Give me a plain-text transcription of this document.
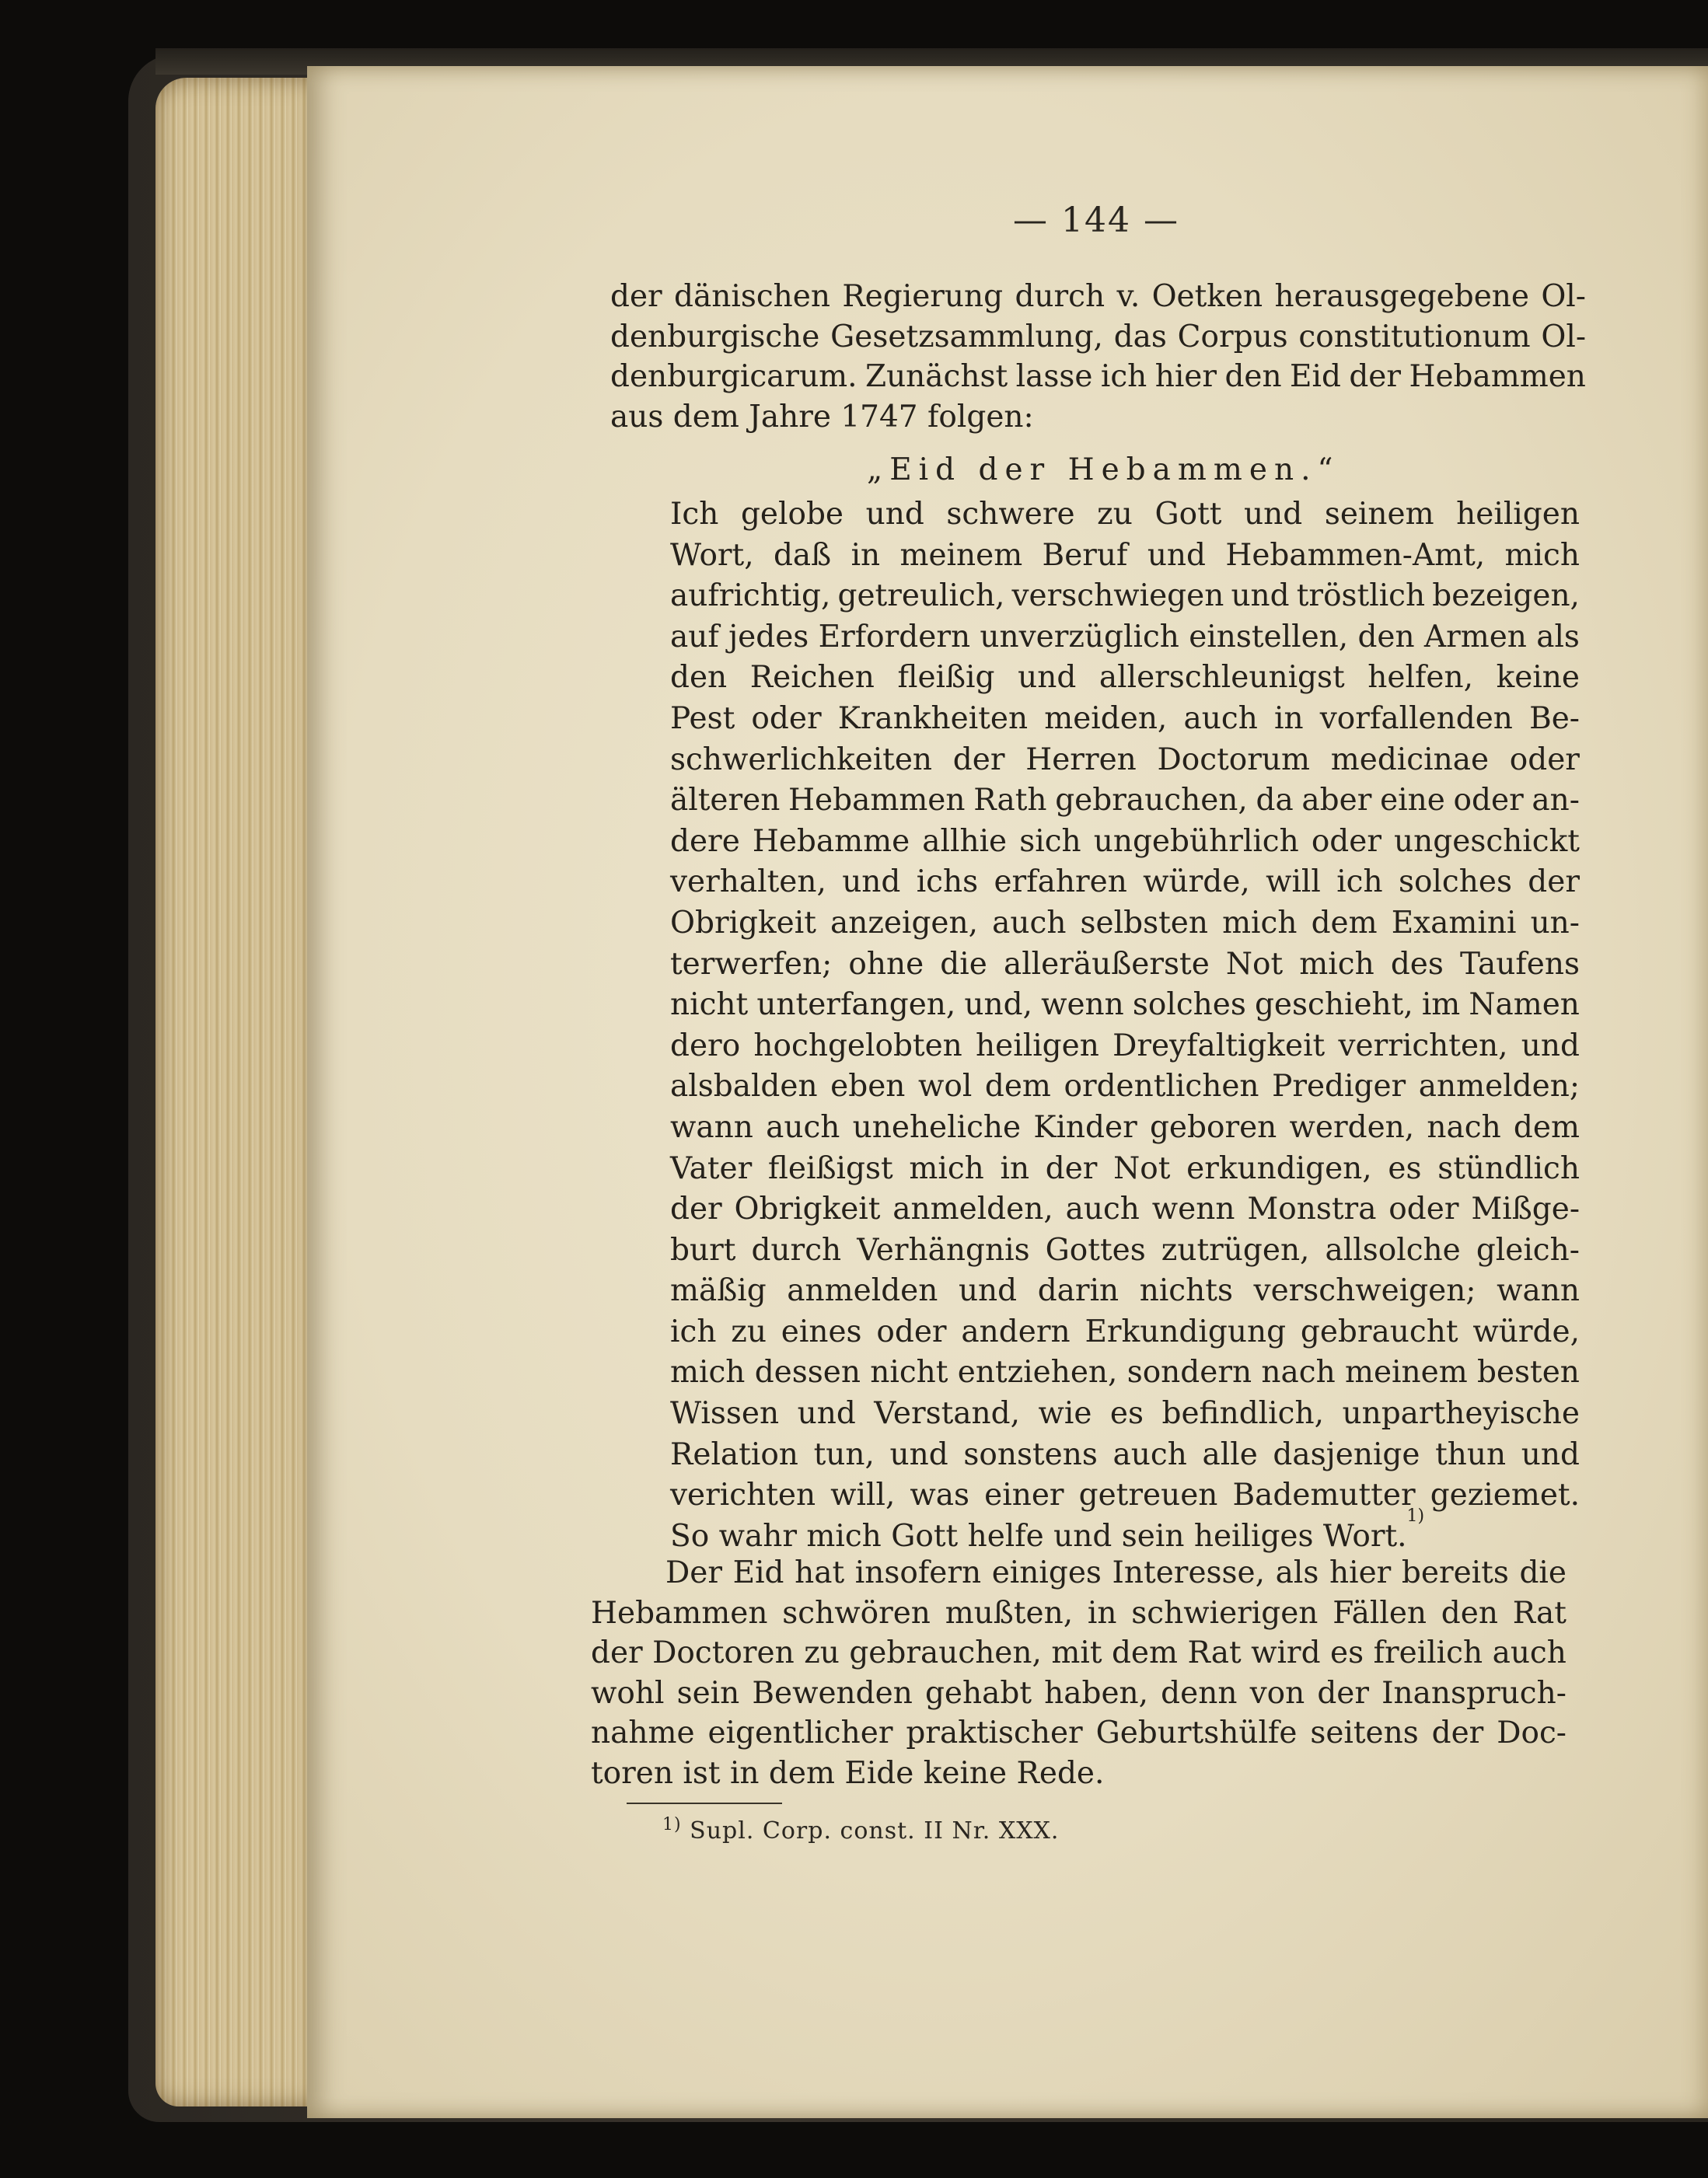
— 144 —
der dänischen Regierung durch v. Oetken herausgegebene Ol-
denburgische Gesetzsammlung, das Corpus constitutionum Ol-
denburgicarum. Zunächst lasse ich hier den Eid der Hebammen
aus dem Jahre 1747 folgen:
„Eid der Hebammen.“
Ich gelobe und schwere zu Gott und seinem heiligen
Wort, daß in meinem Beruf und Hebammen-Amt, mich
aufrichtig, getreulich, verschwiegen und tröstlich bezeigen,
auf jedes Erfordern unverzüglich einstellen, den Armen als
den Reichen fleißig und allerschleunigst helfen, keine
Pest oder Krankheiten meiden, auch in vorfallenden Be-
schwerlichkeiten der Herren Doctorum medicinae oder
älteren Hebammen Rath gebrauchen, da aber eine oder an-
dere Hebamme allhie sich ungebührlich oder ungeschickt
verhalten, und ichs erfahren würde, will ich solches der
Obrigkeit anzeigen, auch selbsten mich dem Examini un-
terwerfen; ohne die alleräußerste Not mich des Taufens
nicht unterfangen, und, wenn solches geschieht, im Namen
dero hochgelobten heiligen Dreyfaltigkeit verrichten, und
alsbalden eben wol dem ordentlichen Prediger anmelden;
wann auch uneheliche Kinder geboren werden, nach dem
Vater fleißigst mich in der Not erkundigen, es stündlich
der Obrigkeit anmelden, auch wenn Monstra oder Mißge-
burt durch Verhängnis Gottes zutrügen, allsolche gleich-
mäßig anmelden und darin nichts verschweigen; wann
ich zu eines oder andern Erkundigung gebraucht würde,
mich dessen nicht entziehen, sondern nach meinem besten
Wissen und Verstand, wie es befindlich, unpartheyische
Relation tun, und sonstens auch alle dasjenige thun und
verichten will, was einer getreuen Bademutter geziemet.
So wahr mich Gott helfe und sein heiliges Wort.
1)
Der Eid hat insofern einiges Interesse, als hier bereits die
Hebammen schwören mußten, in schwierigen Fällen den Rat
der Doctoren zu gebrauchen, mit dem Rat wird es freilich auch
wohl sein Bewenden gehabt haben, denn von der Inanspruch-
nahme eigentlicher praktischer Geburtshülfe seitens der Doc-
toren ist in dem Eide keine Rede.
$^{1)}$ Supl. Corp. const. II Nr. XXX.
